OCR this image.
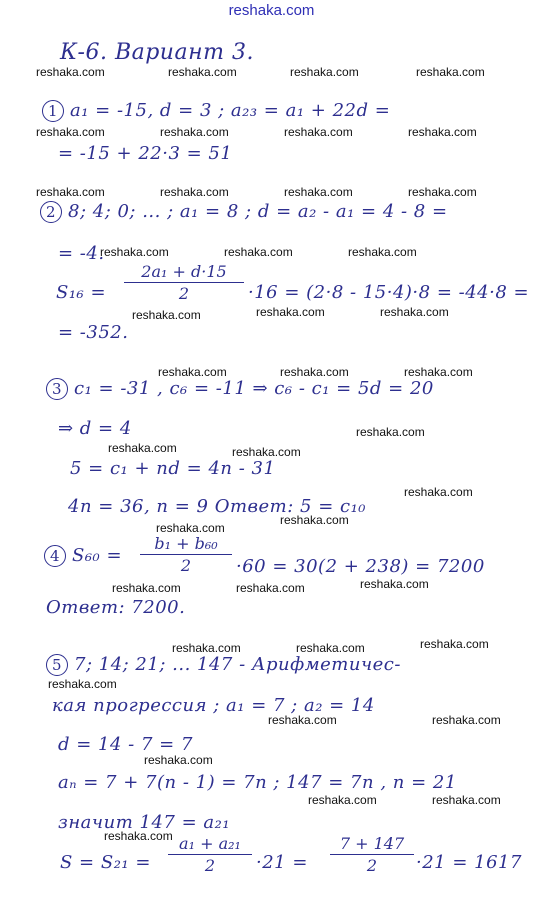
reshaka.com
reshaka.com	reshaka.com	reshaka.com	reshaka.com
reshaka.com	reshaka.com	reshaka.com	reshaka.com
reshaka.com	reshaka.com	reshaka.com	reshaka.com
reshaka.com	reshaka.com	reshaka.com
reshaka.com	reshaka.com	reshaka.com
reshaka.com	reshaka.com	reshaka.com
reshaka.com	reshaka.com
reshaka.com
reshaka.com
reshaka.com
reshaka.com
reshaka.com	reshaka.com	reshaka.com
reshaka.com	reshaka.com	reshaka.com
reshaka.com
reshaka.com	reshaka.com
reshaka.com
reshaka.com	reshaka.com
reshaka.com
К-6. Вариант 3.
1 a₁ = -15, d = 3 ; a₂₃ = a₁ + 22d =
= -15 + 22·3 = 51
2 8; 4; 0; ... ; a₁ = 8 ; d = a₂ - a₁ = 4 - 8 =
= -4.
$S_{16} = \frac{\text{2a₁ + d·15}}{2} \cdot 16 = (2\cdot 8 - 15\cdot 4)\cdot 8 = -44\cdot 8$ =
= -352.
3 c₁ = -31 , c₆ = -11 ⇒ c₆ - c₁ = 5d = 20
⇒ d = 4
5 = c₁ + nd = 4n - 31
4n = 36, n = 9 Ответ: 5 = c₁₀
4 $S_{60} = \frac{\text{b₁ + b₆₀}}{2} \cdot 60 = 30(2 + 238) = 7200$
Ответ: 7200.
5 7; 14; 21; ... 147 - Арифметичес-
кая прогрессия ; a₁ = 7 ; a₂ = 14
d = 14 - 7 = 7
aₙ = 7 + 7(n - 1) = 7n ; 147 = 7n , n = 21
значит 147 = a₂₁
$S = S_{21} = \frac{\text{a₁ + a₂₁}}{2} \cdot 21 = \frac{7 + 147}{2} \cdot 21 = 1617$
